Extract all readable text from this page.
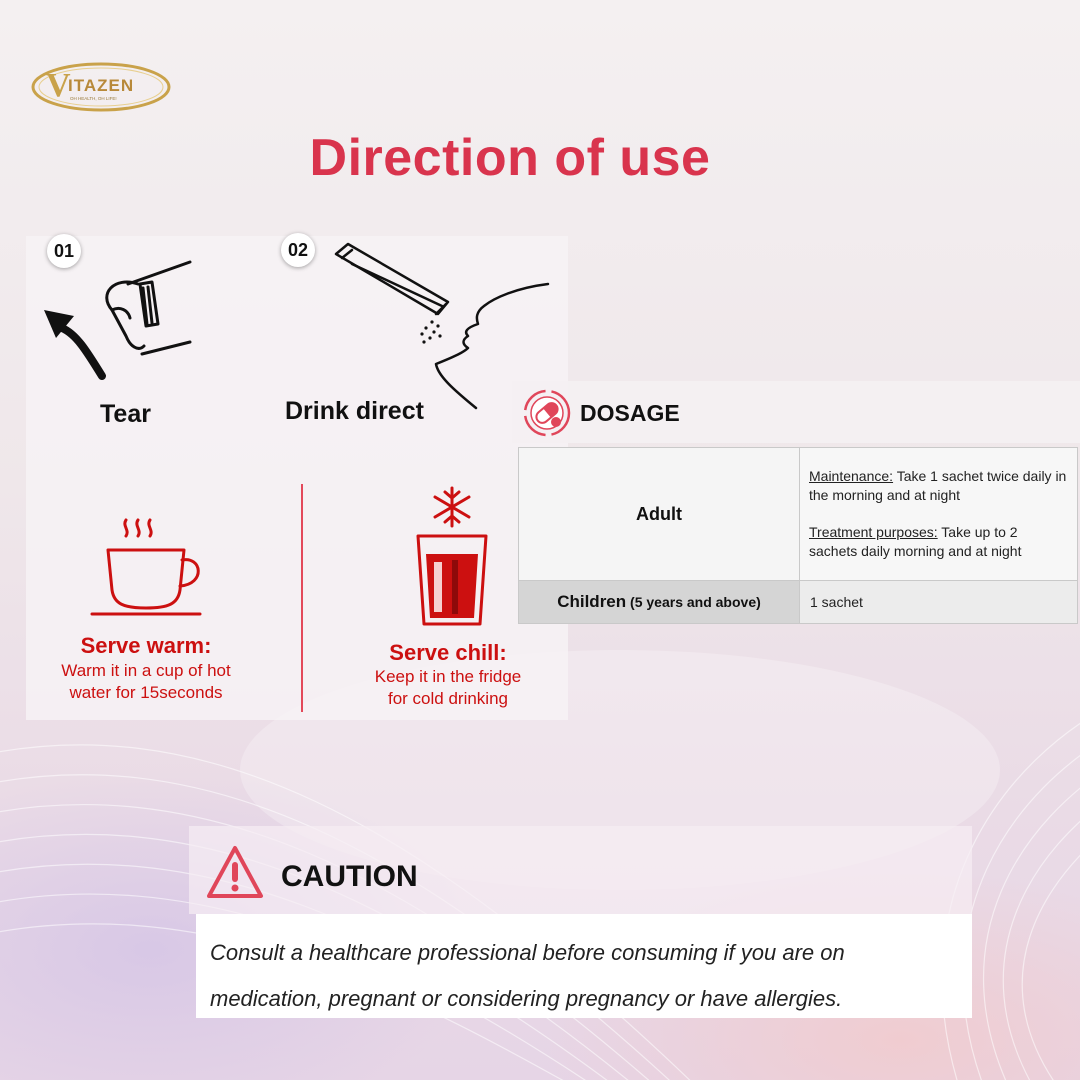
V
ITAZEN
OH HEALTH, OH LIFE!
Direction of use
01
Tear
02
Drink direct
Serve warm:
Warm it in a cup of hot
water for 15seconds
Serve chill:
Keep it in the fridge
for cold drinking
DOSAGE
Adult	Maintenance: Take 1 sachet twice daily in the morning and at night
Treatment purposes: Take up to 2 sachets daily morning and at night

Children (5 years and above)	1 sachet
CAUTION
Consult a healthcare professional before consuming if you are on medication, pregnant or considering pregnancy or have allergies.
